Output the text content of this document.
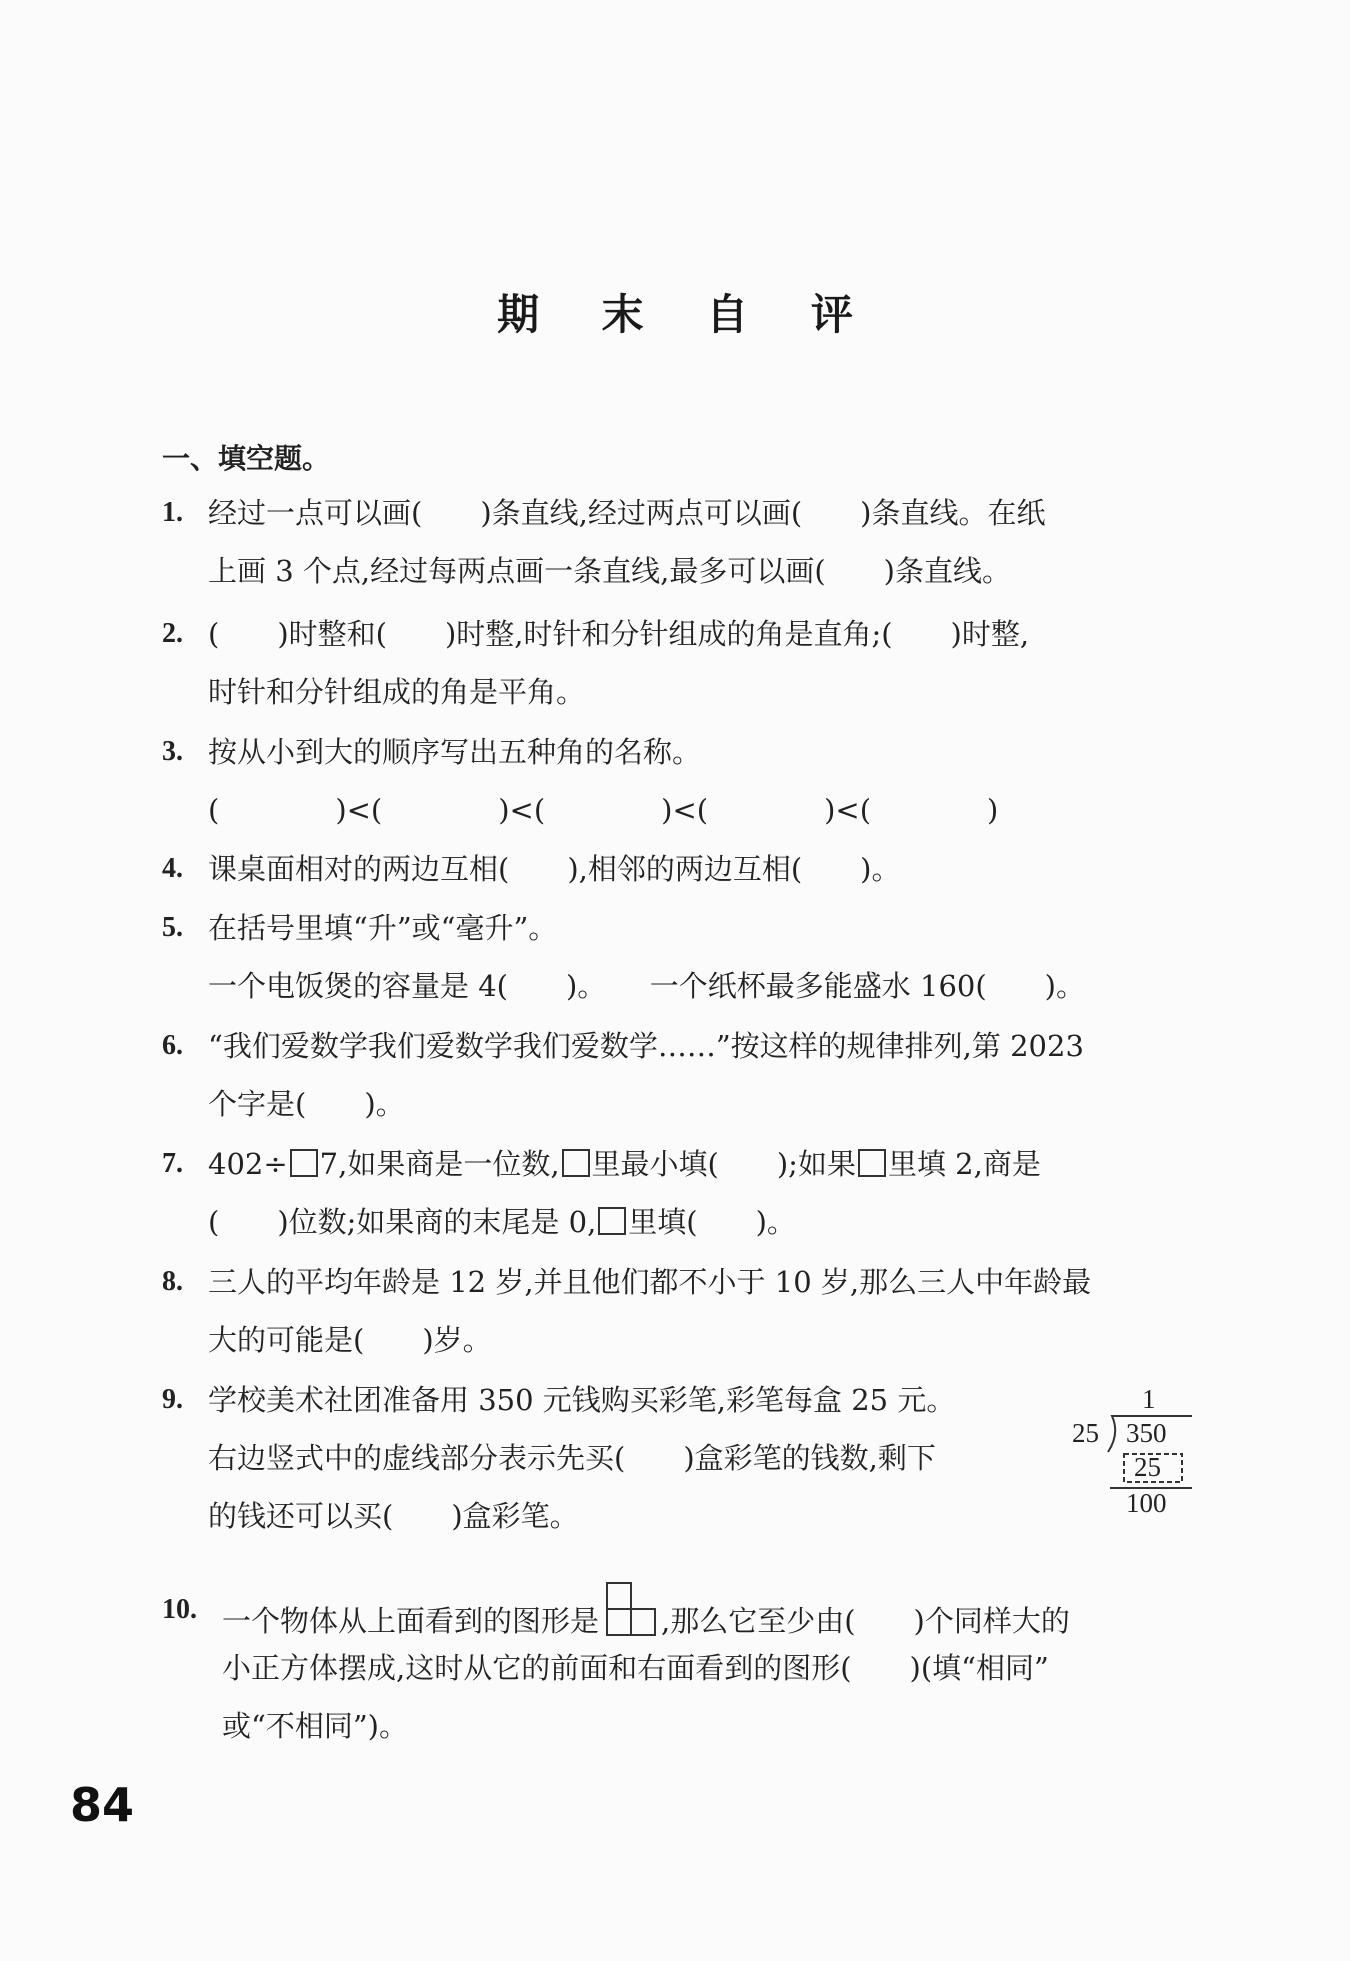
期 末 自 评
一、填空题。
1. 经过一点可以画(　　)条直线,经过两点可以画(　　)条直线。在纸
上画 3 个点,经过每两点画一条直线,最多可以画(　　)条直线。
2. (　　)时整和(　　)时整,时针和分针组成的角是直角;(　　)时整,
时针和分针组成的角是平角。
3. 按从小到大的顺序写出五种角的名称。
(　　　　)<(　　　　)<(　　　　)<(　　　　)<(　　　　)
4. 课桌面相对的两边互相(　　),相邻的两边互相(　　)。
5. 在括号里填“升”或“毫升”。
一个电饭煲的容量是 4(　　)。　　一个纸杯最多能盛水 160(　　)。
6. “我们爱数学我们爱数学我们爱数学……”按这样的规律排列,第 2023
个字是(　　)。
7. 402÷ 7,如果商是一位数, 里最小填(　　);如果 里填 2,商是
(　　)位数;如果商的末尾是 0, 里填(　　)。
8. 三人的平均年龄是 12 岁,并且他们都不小于 10 岁,那么三人中年龄最
大的可能是(　　)岁。
9. 学校美术社团准备用 350 元钱购买彩笔,彩笔每盒 25 元。
右边竖式中的虚线部分表示先买(　　)盒彩笔的钱数,剩下
的钱还可以买(　　)盒彩笔。
1
25 350
25
100
10. 一个物体从上面看到的图形是 ,那么它至少由(　　)个同样大的
小正方体摆成,这时从它的前面和右面看到的图形(　　)(填“相同”
或“不相同”)。
84
